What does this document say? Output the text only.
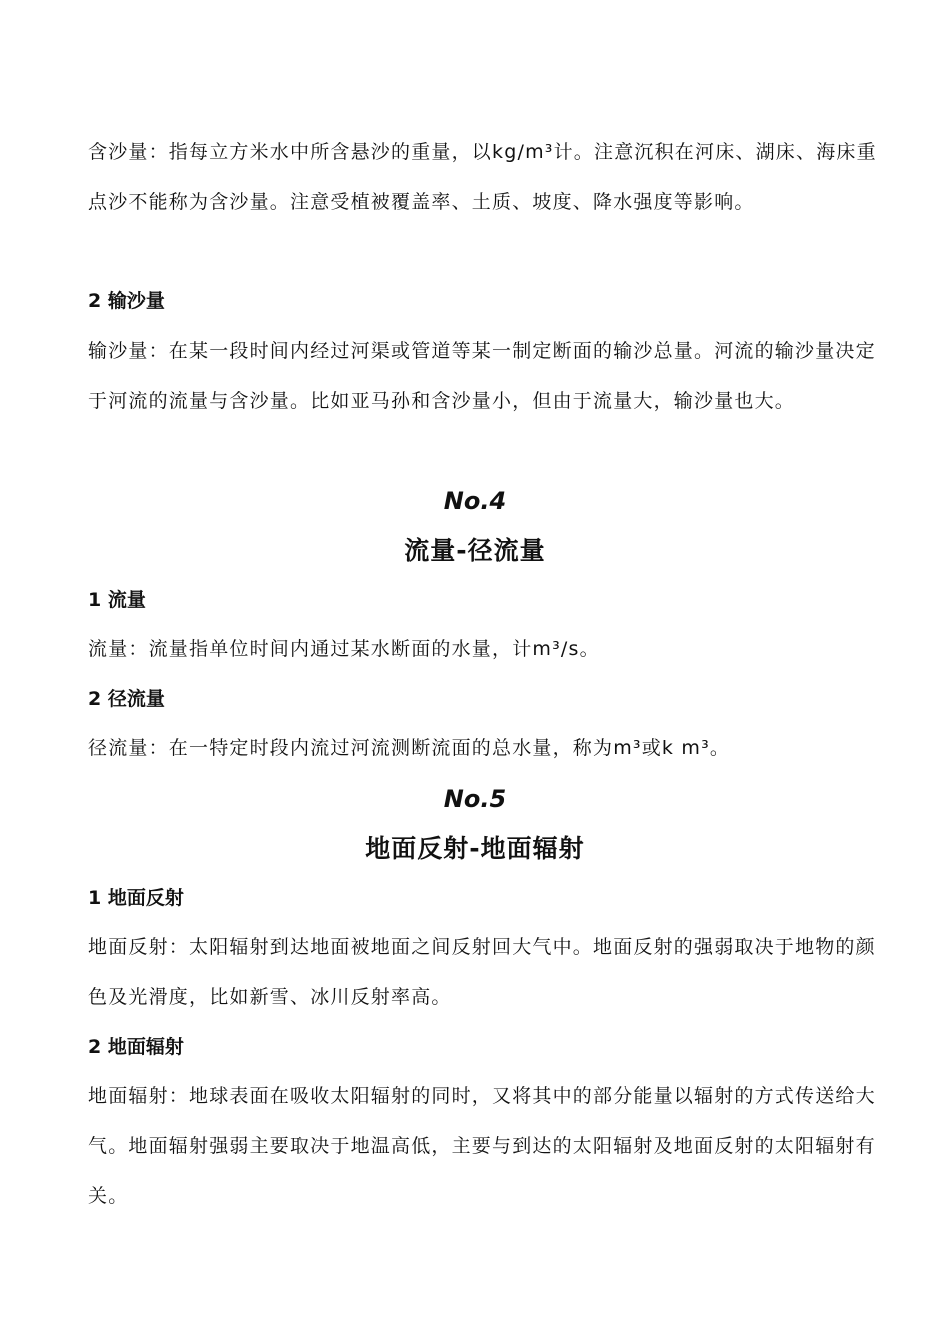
含沙量：指每立方米水中所含悬沙的重量，以kg/m³计。注意沉积在河床、湖床、海床重点沙不能称为含沙量。注意受植被覆盖率、土质、坡度、降水强度等影响。

2 输沙量

输沙量：在某一段时间内经过河渠或管道等某一制定断面的输沙总量。河流的输沙量决定于河流的流量与含沙量。比如亚马孙和含沙量小，但由于流量大，输沙量也大。

No.4

流量-径流量

1 流量

流量：流量指单位时间内通过某水断面的水量，计m³/s。

2 径流量

径流量：在一特定时段内流过河流测断流面的总水量，称为m³或k m³。

No.5

地面反射-地面辐射

1 地面反射

地面反射：太阳辐射到达地面被地面之间反射回大气中。地面反射的强弱取决于地物的颜色及光滑度，比如新雪、冰川反射率高。

2 地面辐射

地面辐射：地球表面在吸收太阳辐射的同时，又将其中的部分能量以辐射的方式传送给大气。地面辐射强弱主要取决于地温高低，主要与到达的太阳辐射及地面反射的太阳辐射有关。
